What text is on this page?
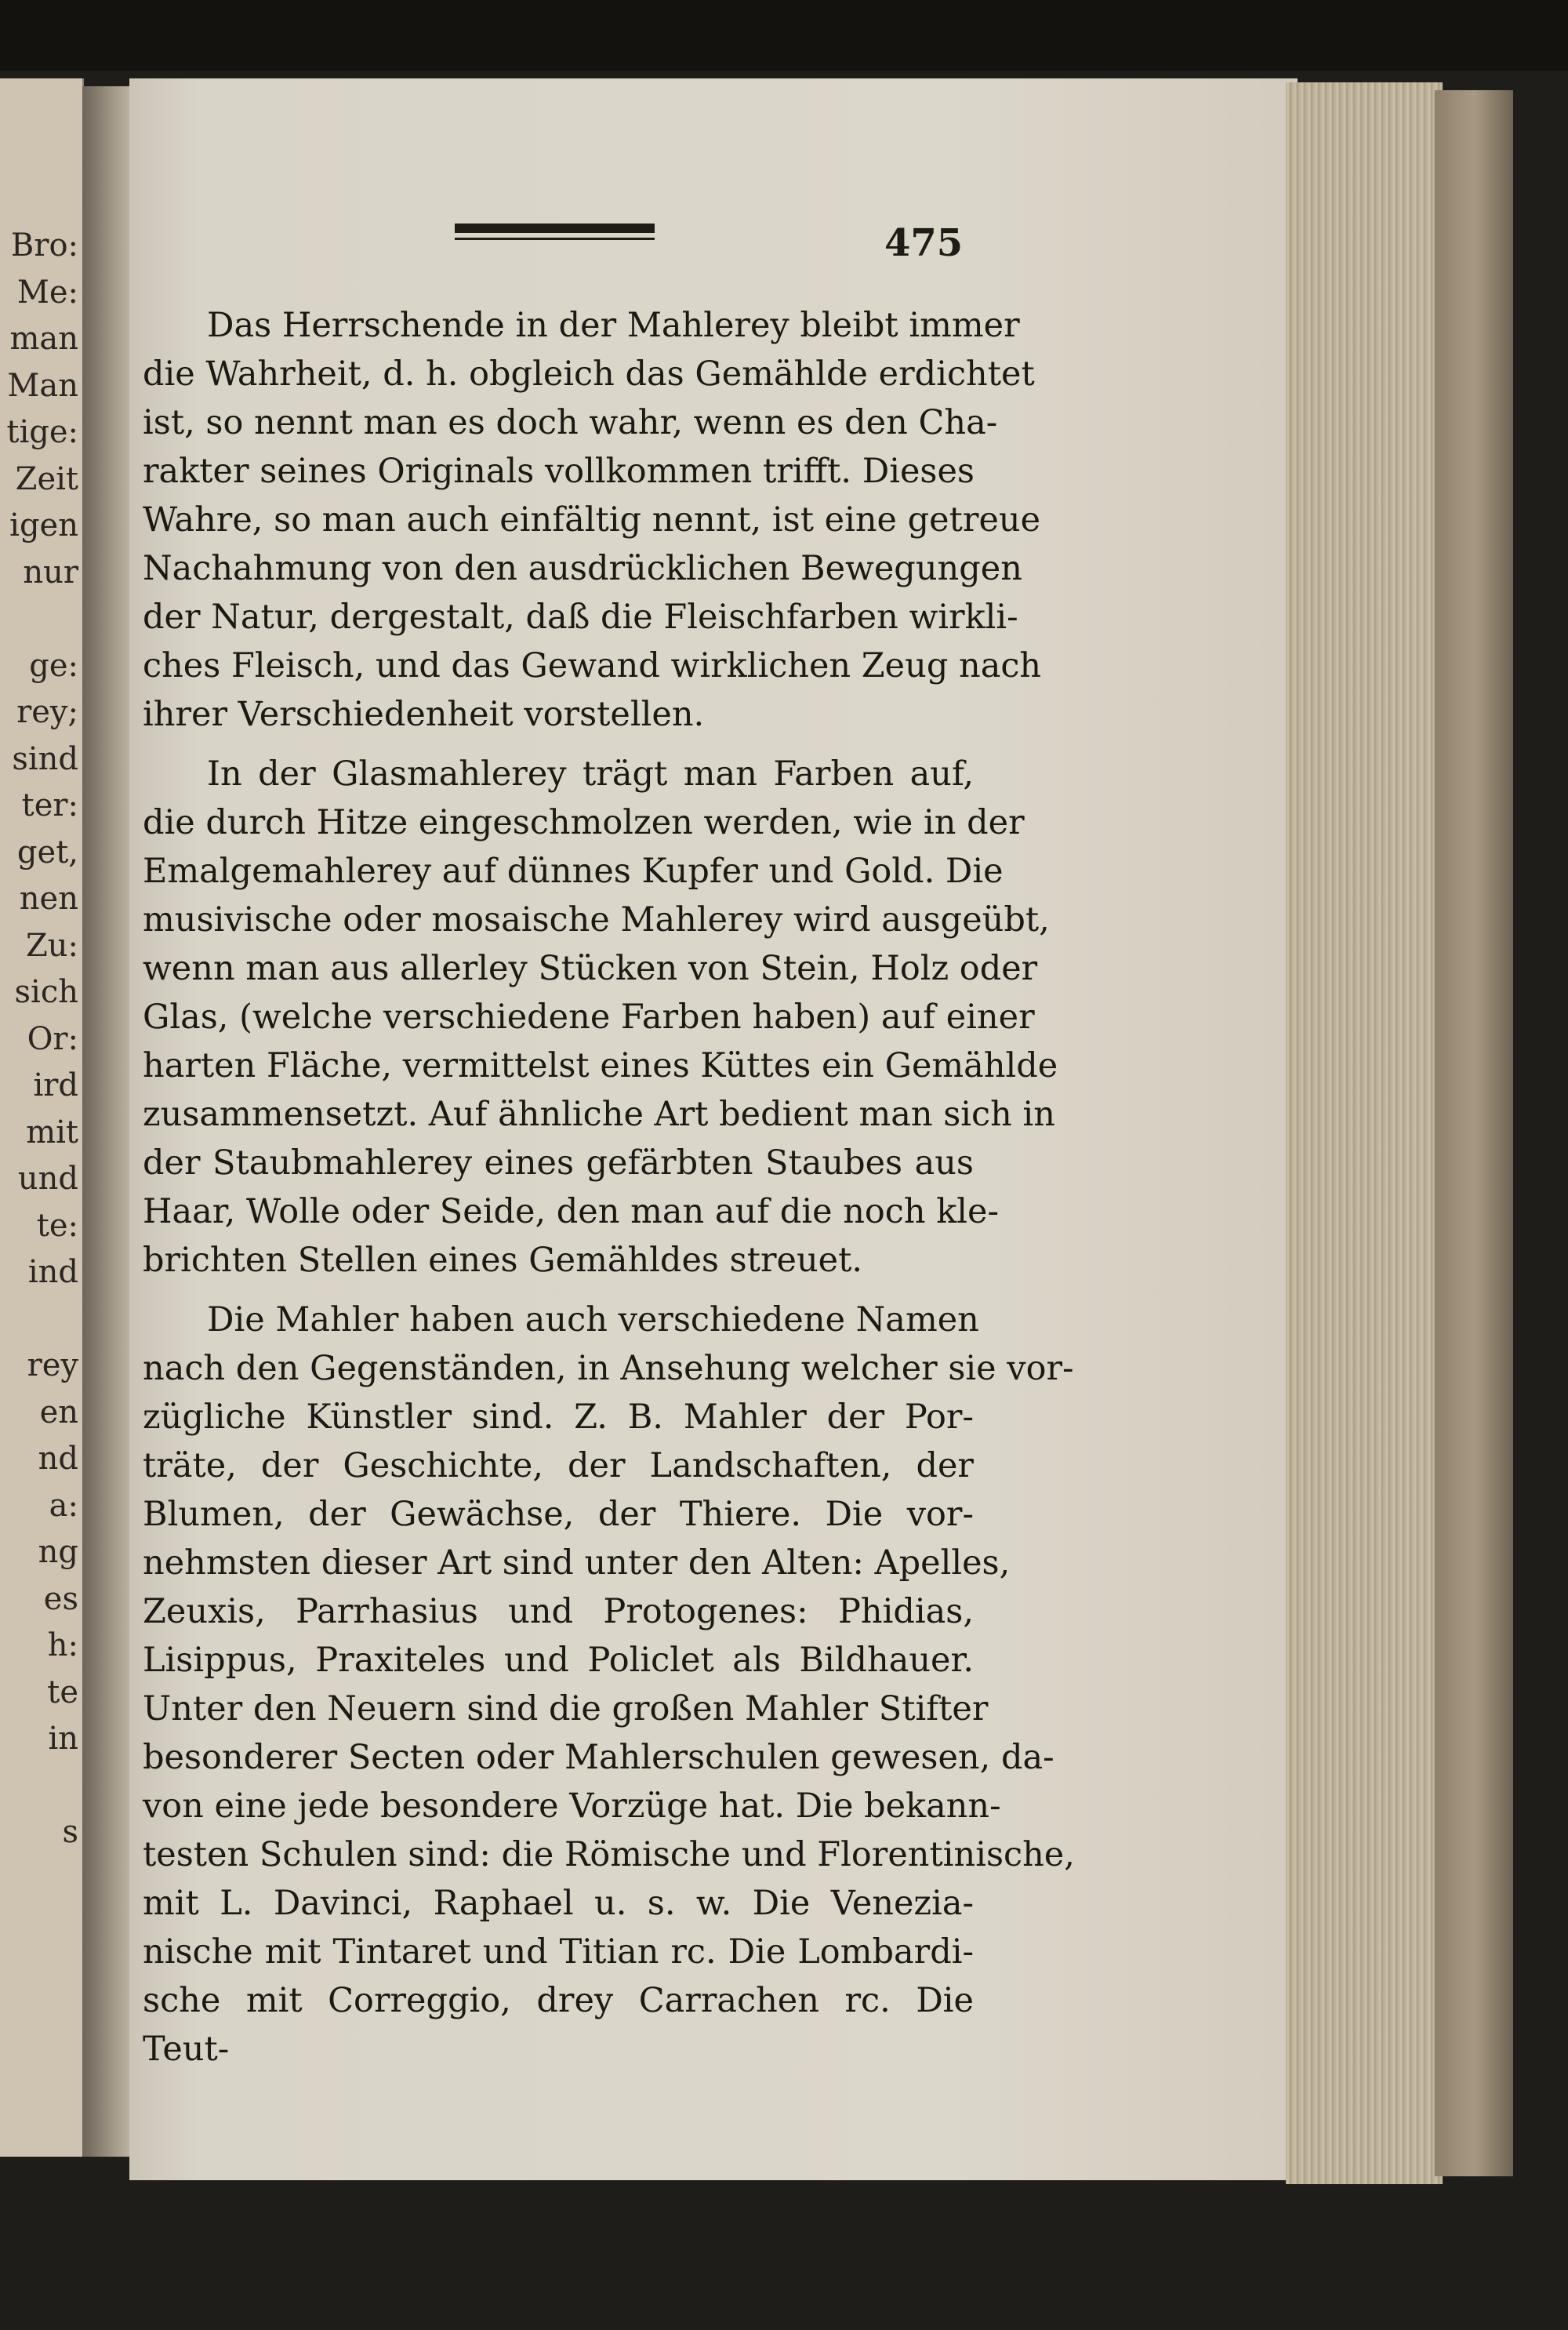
Bro:
Me:
man
Man
tige:
Zeit
igen
nur
ge:
rey;
sind
ter:
get,
nen
Zu:
sich
Or:
ird
mit
und
te:
ind
rey
en
nd
a:
ng
es
h:
te
in
s
475
Das Herrschende in der Mahlerey bleibt immer
die Wahrheit, d. h. obgleich das Gemählde erdichtet
ist, so nennt man es doch wahr, wenn es den Cha-
rakter seines Originals vollkommen trifft. Dieses
Wahre, so man auch einfältig nennt, ist eine getreue
Nachahmung von den ausdrücklichen Bewegungen
der Natur, dergestalt, daß die Fleischfarben wirkli-
ches Fleisch, und das Gewand wirklichen Zeug nach
ihrer Verschiedenheit vorstellen.
In der Glasmahlerey trägt man Farben auf,
die durch Hitze eingeschmolzen werden, wie in der
Emalgemahlerey auf dünnes Kupfer und Gold. Die
musivische oder mosaische Mahlerey wird ausgeübt,
wenn man aus allerley Stücken von Stein, Holz oder
Glas, (welche verschiedene Farben haben) auf einer
harten Fläche, vermittelst eines Küttes ein Gemählde
zusammensetzt. Auf ähnliche Art bedient man sich in
der Staubmahlerey eines gefärbten Staubes aus
Haar, Wolle oder Seide, den man auf die noch kle-
brichten Stellen eines Gemähldes streuet.
Die Mahler haben auch verschiedene Namen
nach den Gegenständen, in Ansehung welcher sie vor-
zügliche Künstler sind. Z. B. Mahler der Por-
träte, der Geschichte, der Landschaften, der
Blumen, der Gewächse, der Thiere. Die vor-
nehmsten dieser Art sind unter den Alten: Apelles,
Zeuxis, Parrhasius und Protogenes: Phidias,
Lisippus, Praxiteles und Policlet als Bildhauer.
Unter den Neuern sind die großen Mahler Stifter
besonderer Secten oder Mahlerschulen gewesen, da-
von eine jede besondere Vorzüge hat. Die bekann-
testen Schulen sind: die Römische und Florentinische,
mit L. Davinci, Raphael u. s. w. Die Venezia-
nische mit Tintaret und Titian rc. Die Lombardi-
sche mit Correggio, drey Carrachen rc. Die
Teut-
